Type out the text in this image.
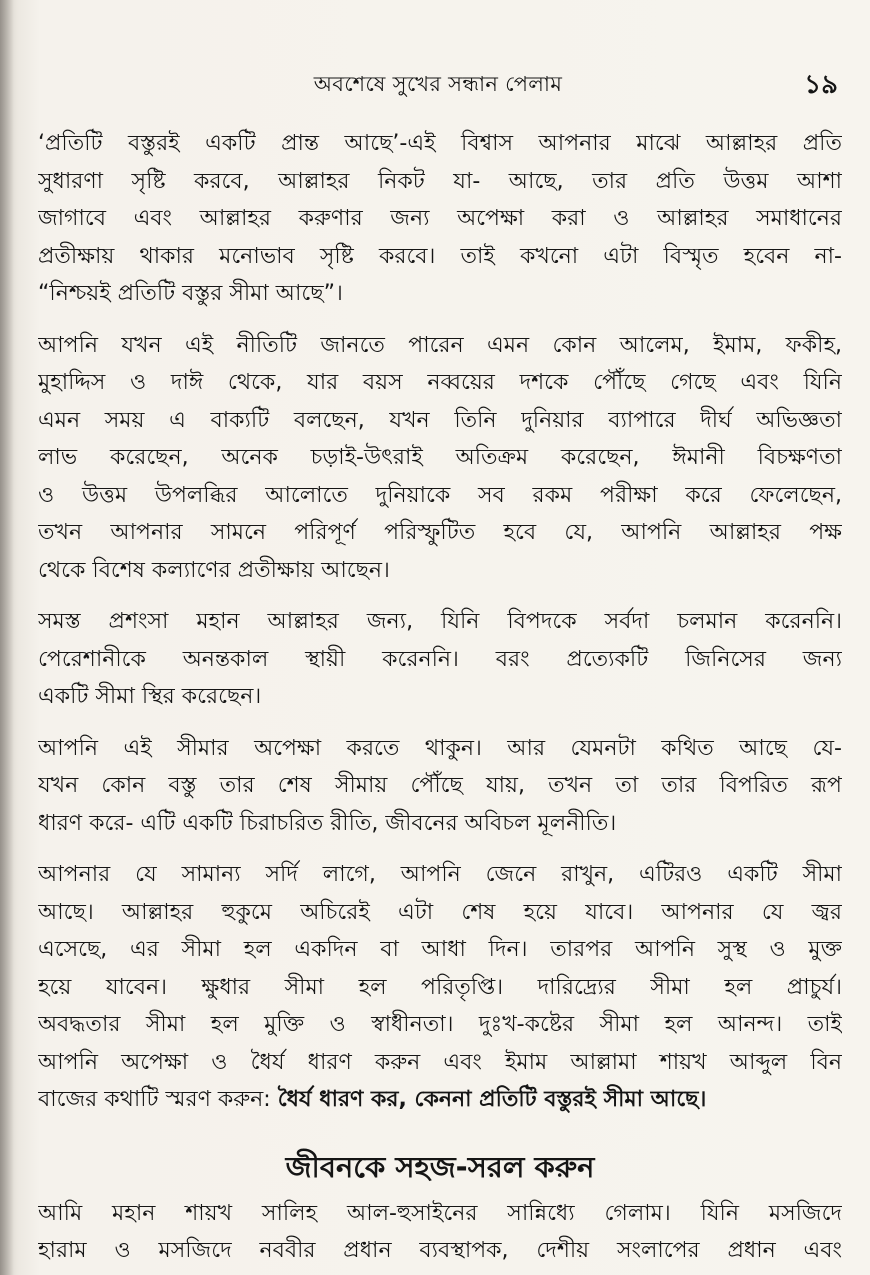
অবশেষে সুখের সন্ধান পেলাম	১৯
‘প্রতিটি বস্তুরই একটি প্রান্ত আছে’-এই বিশ্বাস আপনার মাঝে আল্লাহর প্রতি
সুধারণা সৃষ্টি করবে, আল্লাহর নিকট যা- আছে, তার প্রতি উত্তম আশা
জাগাবে এবং আল্লাহর করুণার জন্য অপেক্ষা করা ও আল্লাহর সমাধানের
প্রতীক্ষায় থাকার মনোভাব সৃষ্টি করবে। তাই কখনো এটা বিস্মৃত হবেন না-
“নিশ্চয়ই প্রতিটি বস্তুর সীমা আছে”।
আপনি যখন এই নীতিটি জানতে পারেন এমন কোন আলেম, ইমাম, ফকীহ,
মুহাদ্দিস ও দাঈ থেকে, যার বয়স নব্বয়ের দশকে পৌঁছে গেছে এবং যিনি
এমন সময় এ বাক্যটি বলছেন, যখন তিনি দুনিয়ার ব্যাপারে দীর্ঘ অভিজ্ঞতা
লাভ করেছেন, অনেক চড়াই-উৎরাই অতিক্রম করেছেন, ঈমানী বিচক্ষণতা
ও উত্তম উপলব্ধির আলোতে দুনিয়াকে সব রকম পরীক্ষা করে ফেলেছেন,
তখন আপনার সামনে পরিপূর্ণ পরিস্ফুটিত হবে যে, আপনি আল্লাহর পক্ষ
থেকে বিশেষ কল্যাণের প্রতীক্ষায় আছেন।
সমস্ত প্রশংসা মহান আল্লাহর জন্য, যিনি বিপদকে সর্বদা চলমান করেননি।
পেরেশানীকে অনন্তকাল স্থায়ী করেননি। বরং প্রত্যেকটি জিনিসের জন্য
একটি সীমা স্থির করেছেন।
আপনি এই সীমার অপেক্ষা করতে থাকুন। আর যেমনটা কথিত আছে যে-
যখন কোন বস্তু তার শেষ সীমায় পৌঁছে যায়, তখন তা তার বিপরিত রূপ
ধারণ করে- এটি একটি চিরাচরিত রীতি, জীবনের অবিচল মূলনীতি।
আপনার যে সামান্য সর্দি লাগে, আপনি জেনে রাখুন, এটিরও একটি সীমা
আছে। আল্লাহর হুকুমে অচিরেই এটা শেষ হয়ে যাবে। আপনার যে জ্বর
এসেছে, এর সীমা হল একদিন বা আধা দিন। তারপর আপনি সুস্থ ও মুক্ত
হয়ে যাবেন। ক্ষুধার সীমা হল পরিতৃপ্তি। দারিদ্র্যের সীমা হল প্রাচুর্য।
অবদ্ধতার সীমা হল মুক্তি ও স্বাধীনতা। দুঃখ-কষ্টের সীমা হল আনন্দ। তাই
আপনি অপেক্ষা ও ধৈর্য ধারণ করুন এবং ইমাম আল্লামা শায়খ আব্দুল বিন
বাজের কথাটি স্মরণ করুন: ধৈর্য ধারণ কর, কেননা প্রতিটি বস্তুরই সীমা আছে।
জীবনকে সহজ-সরল করুন
আমি মহান শায়খ সালিহ আল-হুসাইনের সান্নিধ্যে গেলাম। যিনি মসজিদে
হারাম ও মসজিদে নববীর প্রধান ব্যবস্থাপক, দেশীয় সংলাপের প্রধান এবং
